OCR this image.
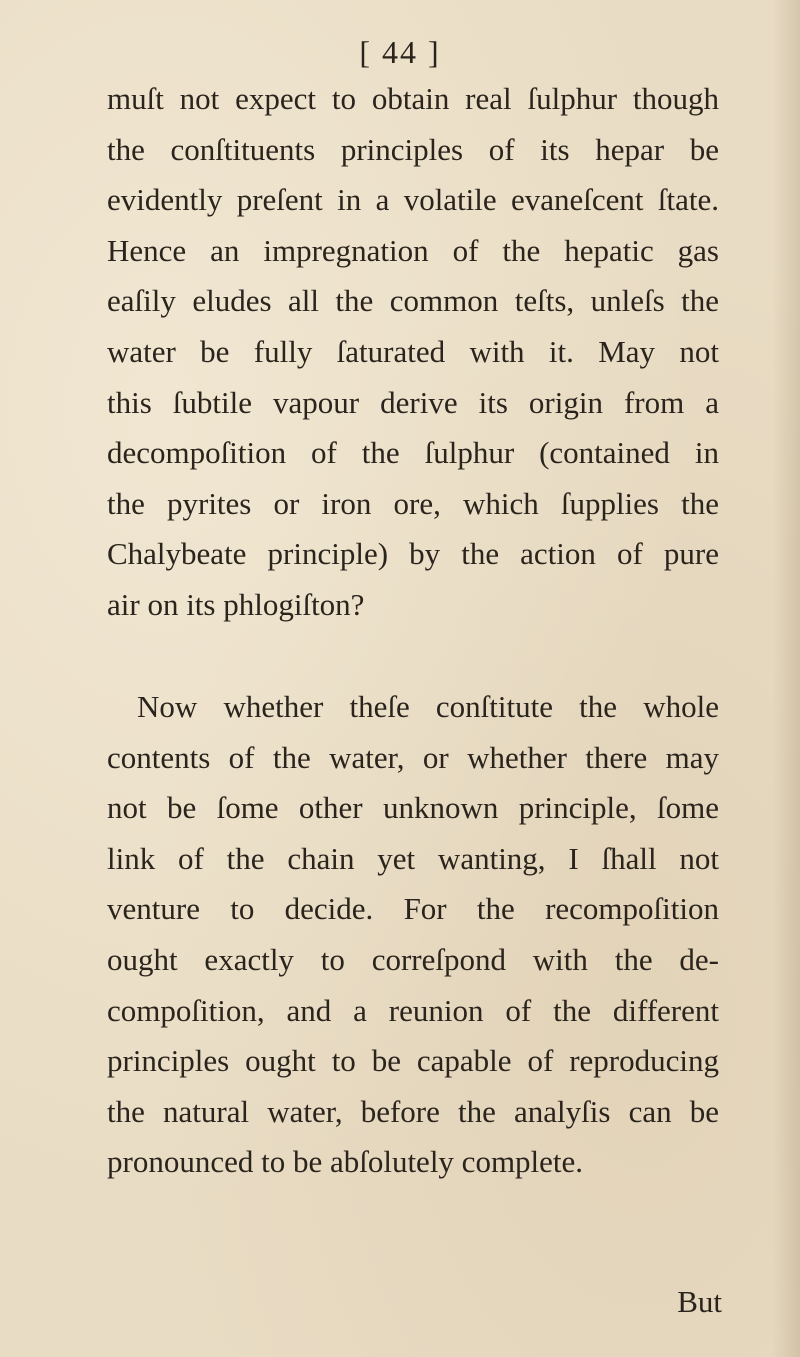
[ 44 ]
muſt not expect to obtain real ſulphur though
the conſtituents principles of its hepar be
evidently preſent in a volatile evaneſcent ſtate.
Hence an impregnation of the hepatic gas
eaſily eludes all the common teſts, unleſs the
water be fully ſaturated with it. May not
this ſubtile vapour derive its origin from a
decompoſition of the ſulphur (contained in
the pyrites or iron ore, which ſupplies the
Chalybeate principle) by the action of pure
air on its phlogiſton?
Now whether theſe conſtitute the whole
contents of the water, or whether there may
not be ſome other unknown principle, ſome
link of the chain yet wanting, I ſhall not
venture to decide. For the recompoſition
ought exactly to correſpond with the de-
compoſition, and a reunion of the different
principles ought to be capable of reproducing
the natural water, before the analyſis can be
pronounced to be abſolutely complete.
But
